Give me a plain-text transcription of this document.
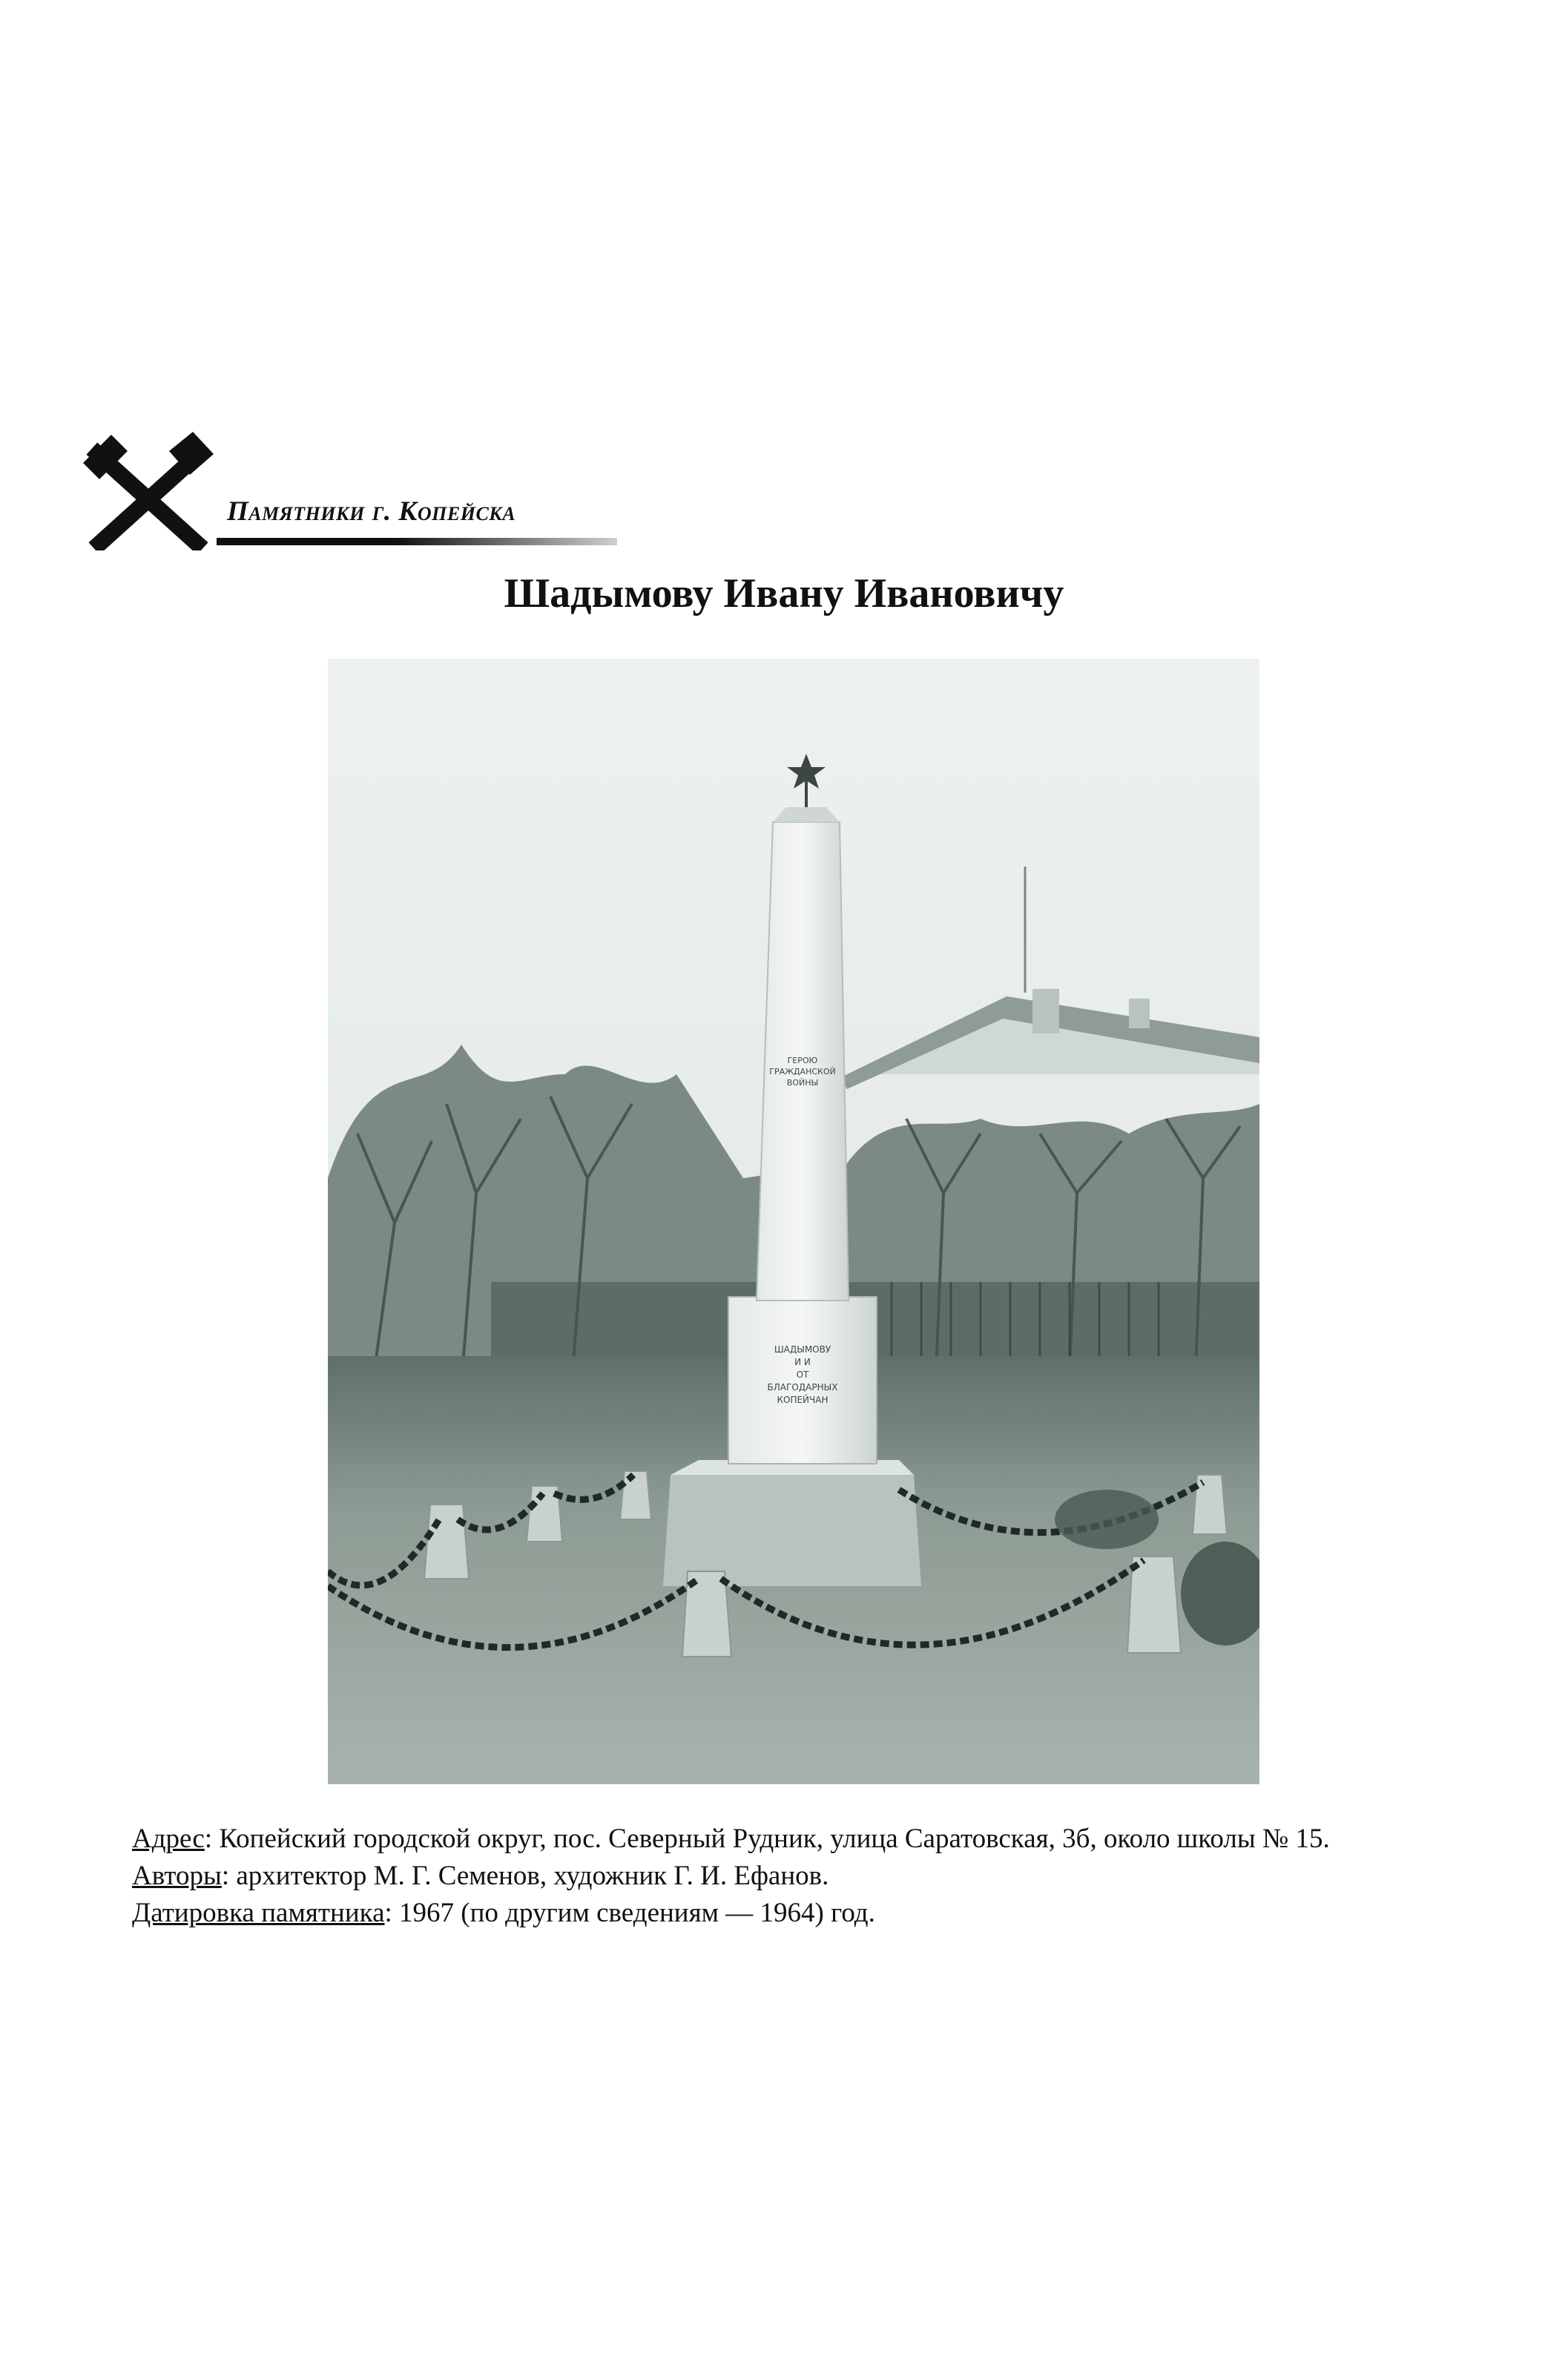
Памятники г. Копейска
Шадымову Ивану Ивановичу
ГЕРОЮ
ГРАЖДАНСКОЙ
ВОЙНЫ
ШАДЫМОВУ
И И
ОТ
БЛАГОДАРНЫХ
КОПЕЙЧАН

Адрес: Копейский городской округ, пос. Северный Рудник, улица Саратовская, 3б, около школы № 15.

Авторы: архитектор М. Г. Семенов, художник Г. И. Ефанов.

Датировка памятника: 1967 (по другим сведениям — 1964) год.
